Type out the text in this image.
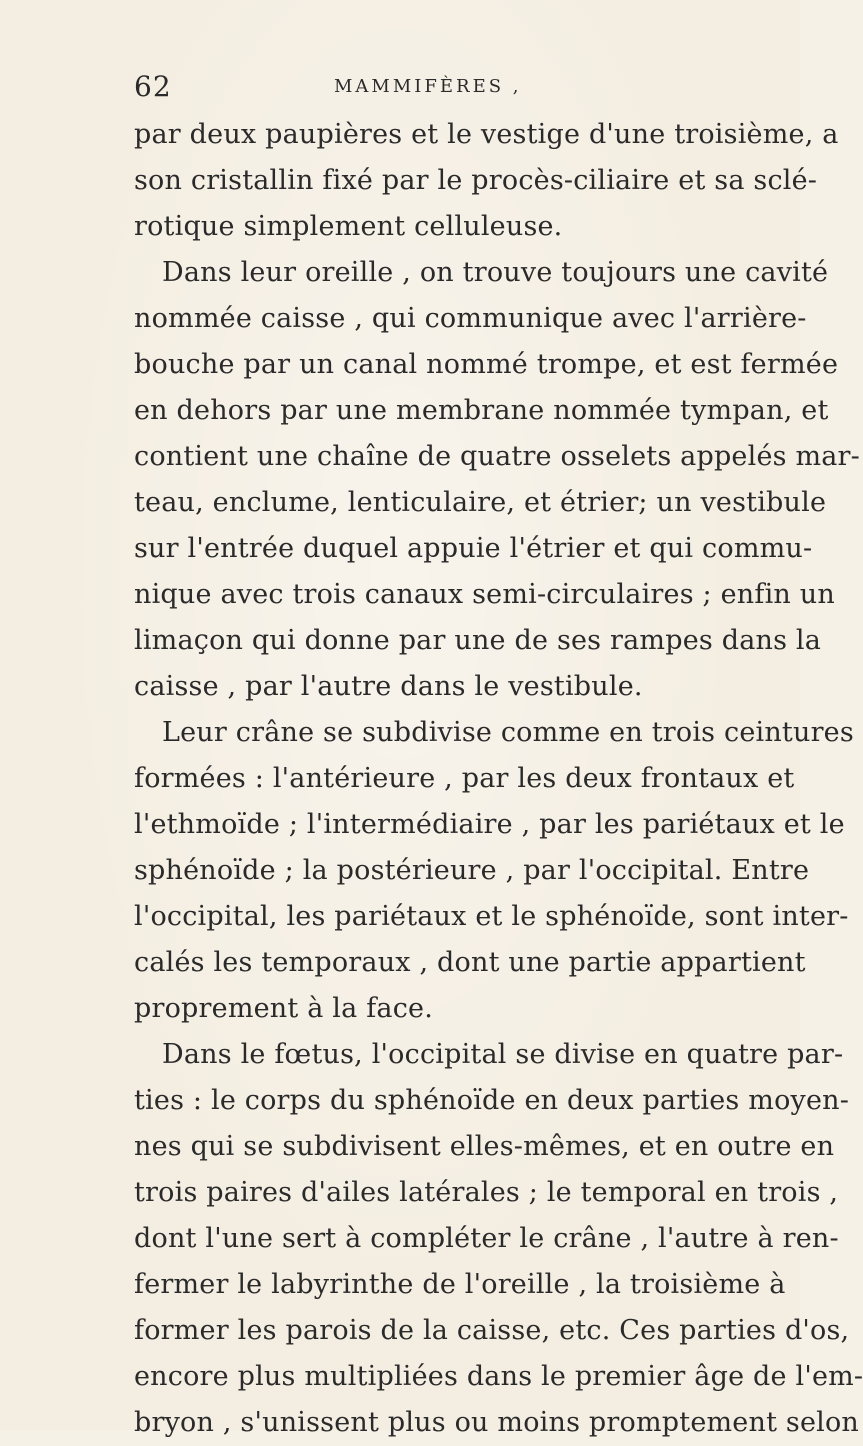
62	MAMMIFÈRES ,
par deux paupières et le vestige d'une troisième, a
son cristallin fixé par le procès-ciliaire et sa sclé-
rotique simplement celluleuse.
Dans leur oreille , on trouve toujours une cavité
nommée caisse , qui communique avec l'arrière-
bouche par un canal nommé trompe, et est fermée
en dehors par une membrane nommée tympan, et
contient une chaîne de quatre osselets appelés mar-
teau, enclume, lenticulaire, et étrier; un vestibule
sur l'entrée duquel appuie l'étrier et qui commu-
nique avec trois canaux semi-circulaires ; enfin un
limaçon qui donne par une de ses rampes dans la
caisse , par l'autre dans le vestibule.
Leur crâne se subdivise comme en trois ceintures
formées : l'antérieure , par les deux frontaux et
l'ethmoïde ; l'intermédiaire , par les pariétaux et le
sphénoïde ; la postérieure , par l'occipital. Entre
l'occipital, les pariétaux et le sphénoïde, sont inter-
calés les temporaux , dont une partie appartient
proprement à la face.
Dans le fœtus, l'occipital se divise en quatre par-
ties : le corps du sphénoïde en deux parties moyen-
nes qui se subdivisent elles-mêmes, et en outre en
trois paires d'ailes latérales ; le temporal en trois ,
dont l'une sert à compléter le crâne , l'autre à ren-
fermer le labyrinthe de l'oreille , la troisième à
former les parois de la caisse, etc. Ces parties d'os,
encore plus multipliées dans le premier âge de l'em-
bryon , s'unissent plus ou moins promptement selon
